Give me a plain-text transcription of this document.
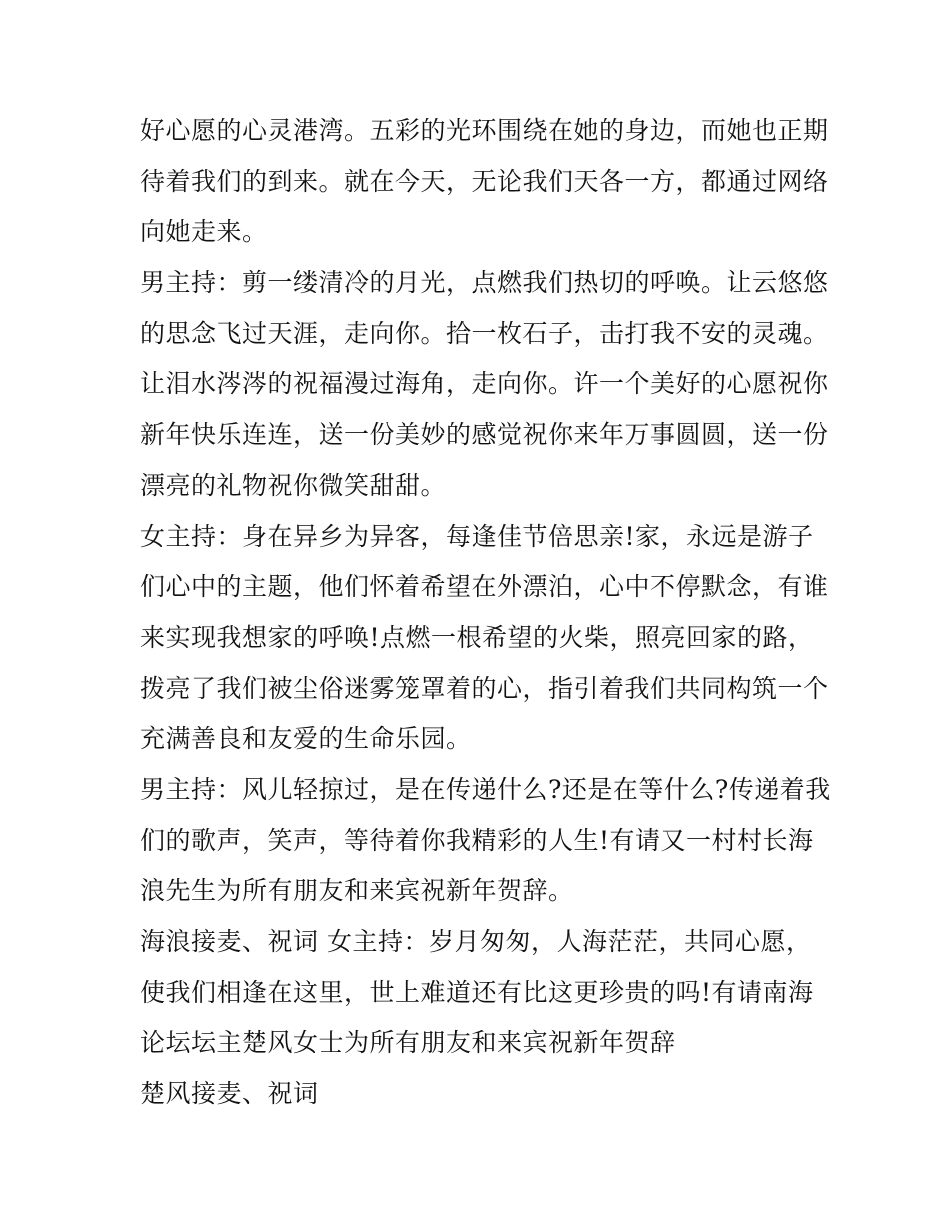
好心愿的心灵港湾。五彩的光环围绕在她的身边，而她也正期
待着我们的到来。就在今天，无论我们天各一方，都通过网络
向她走来。
男主持：剪一缕清冷的月光，点燃我们热切的呼唤。让云悠悠
的思念飞过天涯，走向你。拾一枚石子，击打我不安的灵魂。
让泪水涔涔的祝福漫过海角，走向你。许一个美好的心愿祝你
新年快乐连连，送一份美妙的感觉祝你来年万事圆圆，送一份
漂亮的礼物祝你微笑甜甜。
女主持：身在异乡为异客，每逢佳节倍思亲!家，永远是游子
们心中的主题，他们怀着希望在外漂泊，心中不停默念，有谁
来实现我想家的呼唤!点燃一根希望的火柴，照亮回家的路，
拨亮了我们被尘俗迷雾笼罩着的心，指引着我们共同构筑一个
充满善良和友爱的生命乐园。
男主持：风儿轻掠过，是在传递什么?还是在等什么?传递着我
们的歌声，笑声，等待着你我精彩的人生!有请又一村村长海
浪先生为所有朋友和来宾祝新年贺辞。
海浪接麦、祝词 女主持：岁月匆匆，人海茫茫，共同心愿，
使我们相逢在这里，世上难道还有比这更珍贵的吗!有请南海
论坛坛主楚风女士为所有朋友和来宾祝新年贺辞
楚风接麦、祝词
